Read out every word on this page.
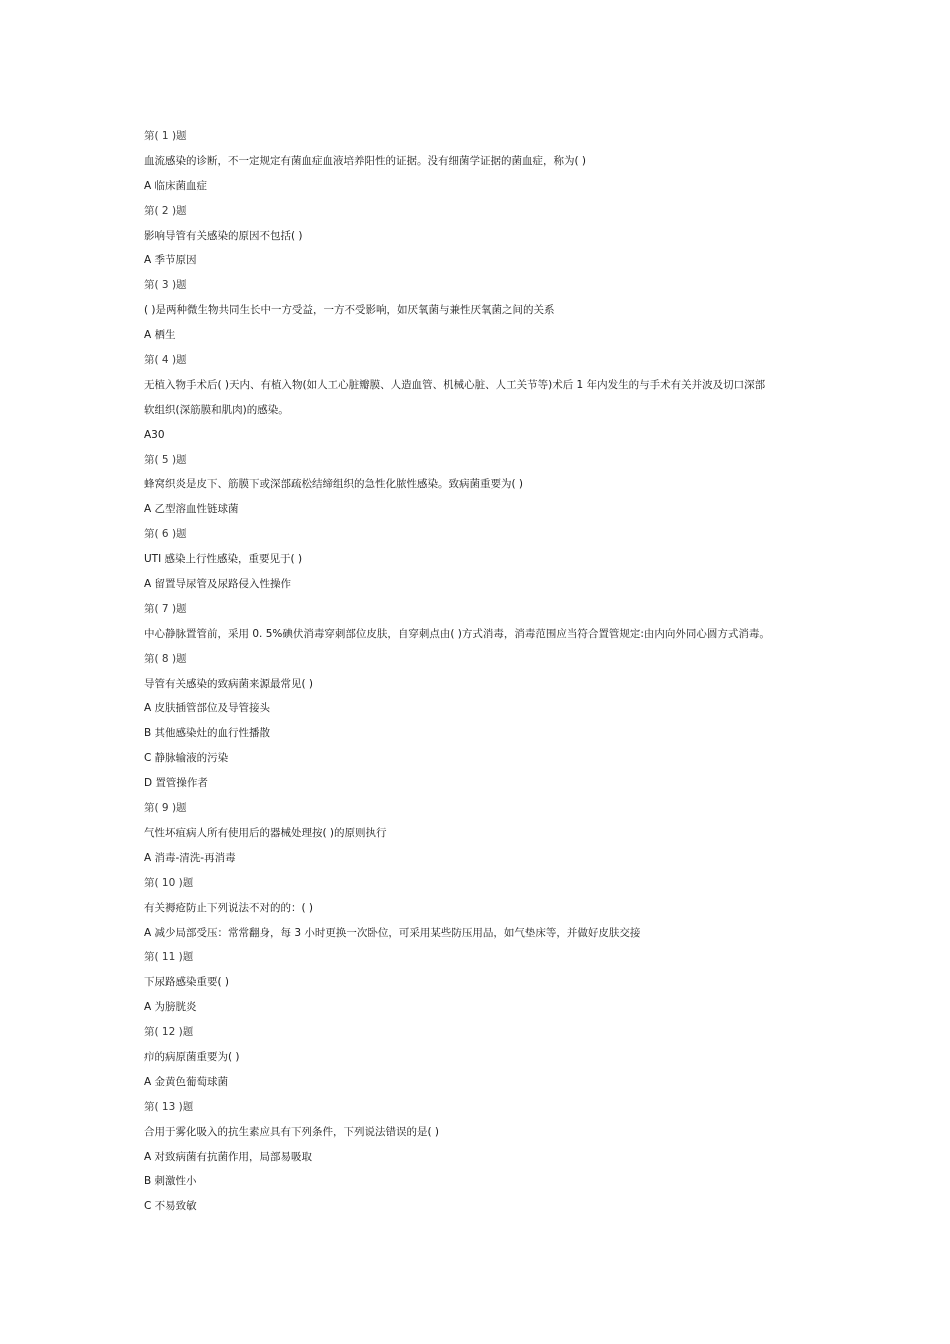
第( 1 )题
血流感染的诊断，不一定规定有菌血症血液培养阳性的证据。没有细菌学证据的菌血症，称为( )
A 临床菌血症
第( 2 )题
影响导管有关感染的原因不包括( )
A 季节原因
第( 3 )题
( )是两种微生物共同生长中一方受益，一方不受影响，如厌氧菌与兼性厌氧菌之间的关系
A 栖生
第( 4 )题
无植入物手术后( )天内、有植入物(如人工心脏瓣膜、人造血管、机械心脏、人工关节等)术后 1 年内发生的与手术有关并波及切口深部
软组织(深筋膜和肌肉)的感染。
A30
第( 5 )题
蜂窝织炎是皮下、筋膜下或深部疏松结缔组织的急性化脓性感染。致病菌重要为( )
A 乙型溶血性链球菌
第( 6 )题
UTI 感染上行性感染，重要见于( )
A 留置导尿管及尿路侵入性操作
第( 7 )题
中心静脉置管前，采用 0. 5%碘伏消毒穿刺部位皮肤，自穿刺点由( )方式消毒，消毒范围应当符合置管规定:由内向外同心圆方式消毒。
第( 8 )题
导管有关感染的致病菌来源最常见( )
A 皮肤插管部位及导管接头
B 其他感染灶的血行性播散
C 静脉输液的污染
D 置管操作者
第( 9 )题
气性坏疽病人所有使用后的器械处理按( )的原则执行
A 消毒-清洗-再消毒
第( 10 )题
有关褥疮防止下列说法不对的的：( )
A 减少局部受压：常常翻身，每 3 小时更换一次卧位，可采用某些防压用品，如气垫床等，并做好皮肤交接
第( 11 )题
下尿路感染重要( )
A 为膀胱炎
第( 12 )题
疖的病原菌重要为( )
A 金黄色葡萄球菌
第( 13 )题
合用于雾化吸入的抗生素应具有下列条件，下列说法错误的是( )
A 对致病菌有抗菌作用，局部易吸取
B 刺激性小
C 不易致敏
